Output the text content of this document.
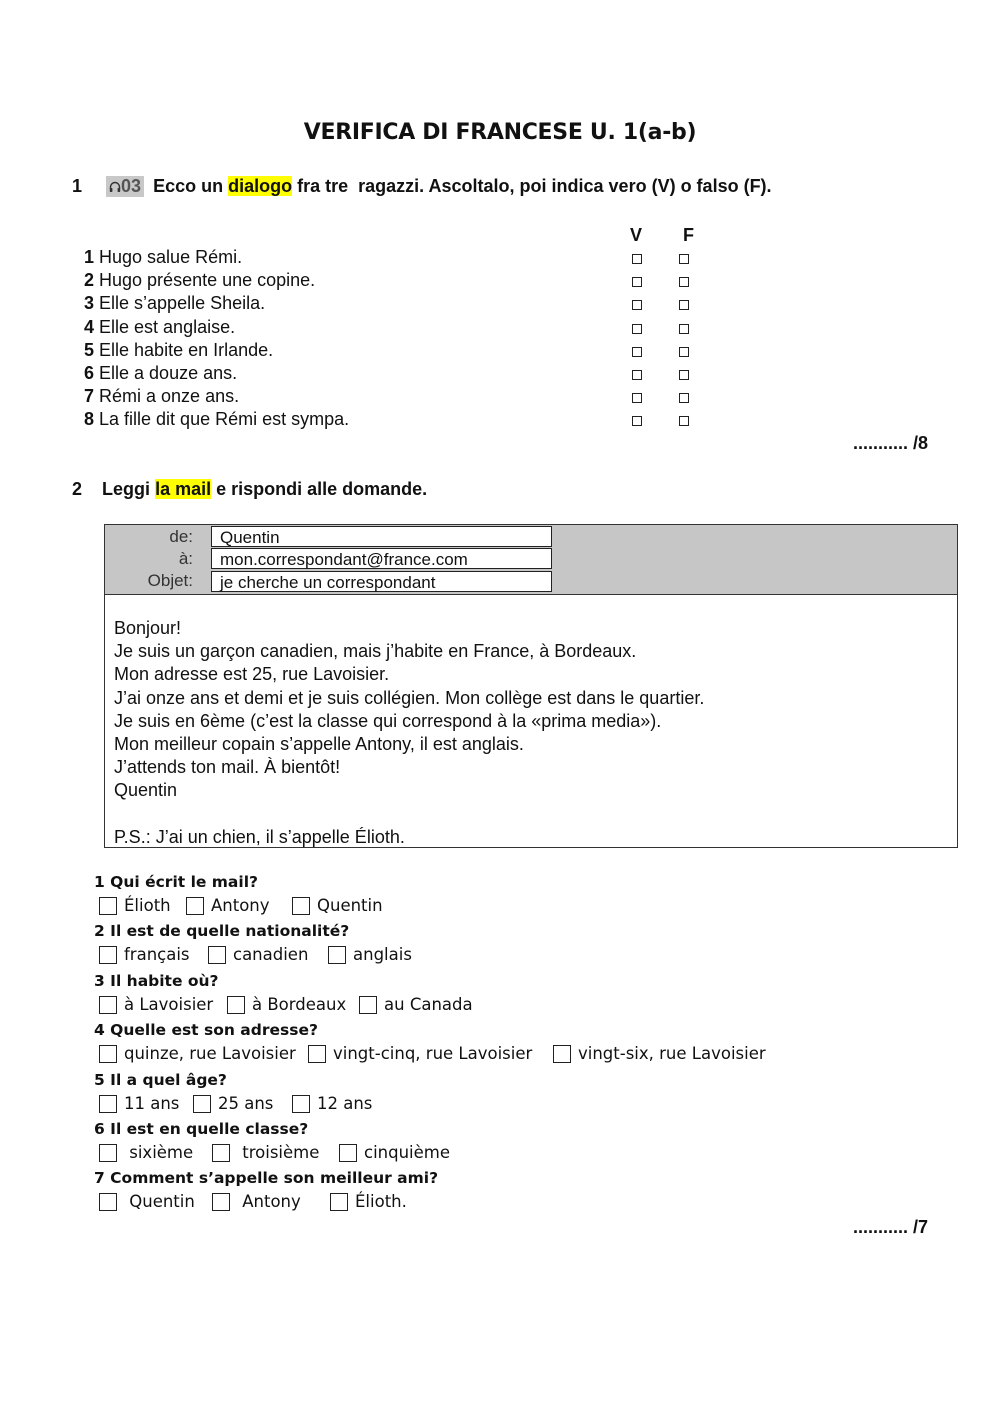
VERIFICA DI FRANCESE U. 1(a-b)
1 03 Ecco un dialogo fra tre  ragazzi. Ascoltalo, poi indica vero (V) o falso (F).
V F
1 Hugo salue Rémi.
2 Hugo présente une copine.
3 Elle s’appelle Sheila.
4 Elle est anglaise.
5 Elle habite en Irlande.
6 Elle a douze ans.
7 Rémi a onze ans.
8 La fille dit que Rémi est sympa.
........... /8
2 Leggi la mail e rispondi alle domande.
de:	Quentin
à:	mon.correspondant@france.com
Objet:	je cherche un correspondant
Bonjour!
Je suis un garçon canadien, mais j’habite en France, à Bordeaux.
Mon adresse est 25, rue Lavoisier.
J’ai onze ans et demi et je suis collégien. Mon collège est dans le quartier.
Je suis en 6ème (c’est la classe qui correspond à la «prima media»).
Mon meilleur copain s’appelle Antony, il est anglais.
J’attends ton mail. À bientôt!
Quentin
P.S.: J’ai un chien, il s’appelle Élioth.
1 Qui écrit le mail?
Élioth Antony	Quentin
2 Il est de quelle nationalité?
français	canadien	anglais
3 Il habite où?
à Lavoisier à Bordeaux au Canada
4 Quelle est son adresse?
quinze, rue Lavoisier vingt-cinq, rue Lavoisier	vingt-six, rue Lavoisier
5 Il a quel âge?
11 ans 25 ans	12 ans
6 Il est en quelle classe?
sixième	troisième	cinquième
7 Comment s’appelle son meilleur ami?
Quentin	Antony	Élioth.
........... /7
